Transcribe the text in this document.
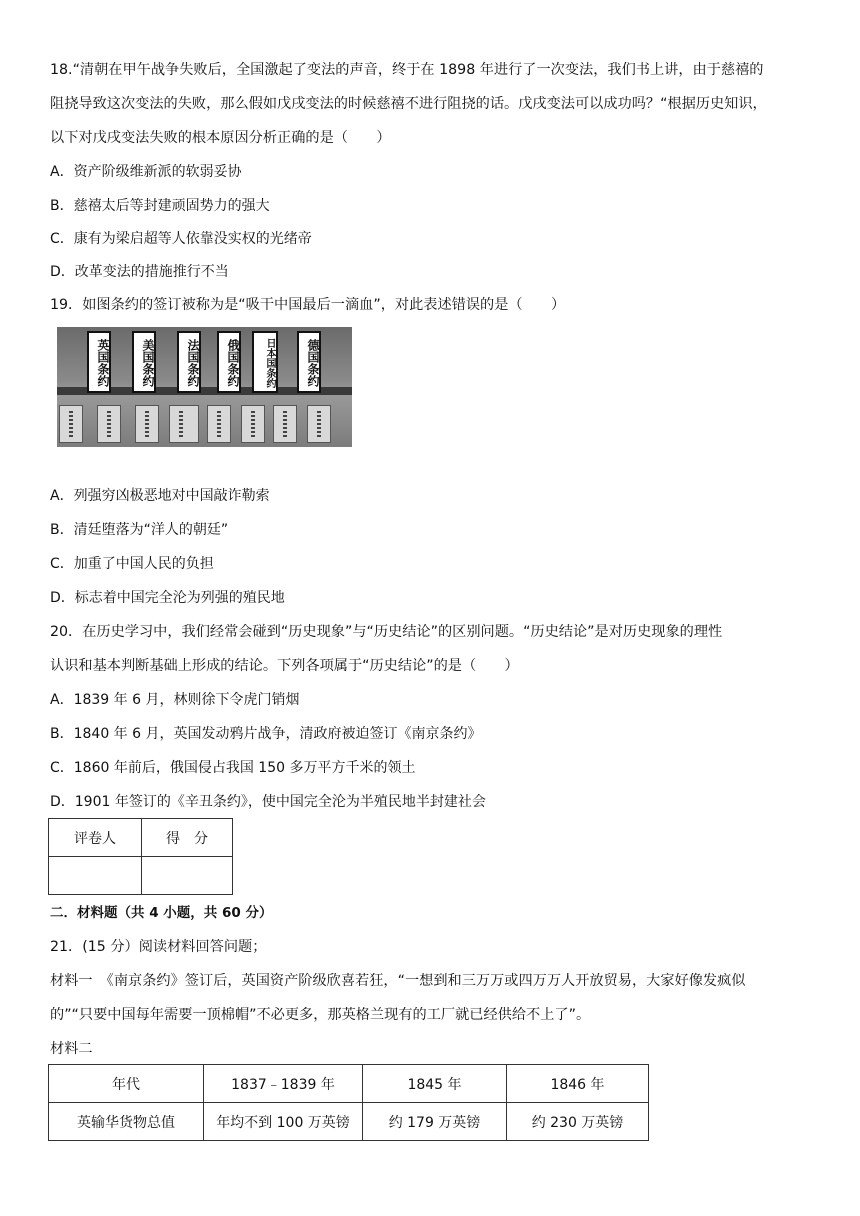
18.“清朝在甲午战争失败后，全国激起了变法的声音，终于在 1898 年进行了一次变法，我们书上讲，由于慈禧的
阻挠导致这次变法的失败，那么假如戊戌变法的时候慈禧不进行阻挠的话。戊戌变法可以成功吗？“根据历史知识，
以下对戊戌变法失败的根本原因分析正确的是（　　）
A．资产阶级维新派的软弱妥协
B．慈禧太后等封建顽固势力的强大
C．康有为梁启超等人依靠没实权的光绪帝
D．改革变法的措施推行不当
19．如图条约的签订被称为是“吸干中国最后一滴血”，对此表述错误的是（　　）
英国条约	美国条约	法国条约	俄国条约	日本国条约	德国条约
A．列强穷凶极恶地对中国敲诈勒索
B．清廷堕落为“洋人的朝廷”
C．加重了中国人民的负担
D．标志着中国完全沦为列强的殖民地
20．在历史学习中，我们经常会碰到“历史现象”与“历史结论”的区别问题。“历史结论”是对历史现象的理性
认识和基本判断基础上形成的结论。下列各项属于“历史结论”的是（　　）
A．1839 年 6 月，林则徐下令虎门销烟
B．1840 年 6 月，英国发动鸦片战争，清政府被迫签订《南京条约》
C．1860 年前后，俄国侵占我国 150 多万平方千米的领土
D．1901 年签订的《辛丑条约》，使中国完全沦为半殖民地半封建社会
评卷人	得　分

二．材料题（共 4 小题，共 60 分）
21．(15 分）阅读材料回答问题；
材料一　《南京条约》签订后，英国资产阶级欣喜若狂，“一想到和三万万或四万万人开放贸易，大家好像发疯似
的”“只要中国每年需要一顶棉帽”不必更多，那英格兰现有的工厂就已经供给不上了”。
材料二
年代	1837﹣1839 年	1845 年	1846 年
英输华货物总值	年均不到 100 万英镑	约 179 万英镑	约 230 万英镑
